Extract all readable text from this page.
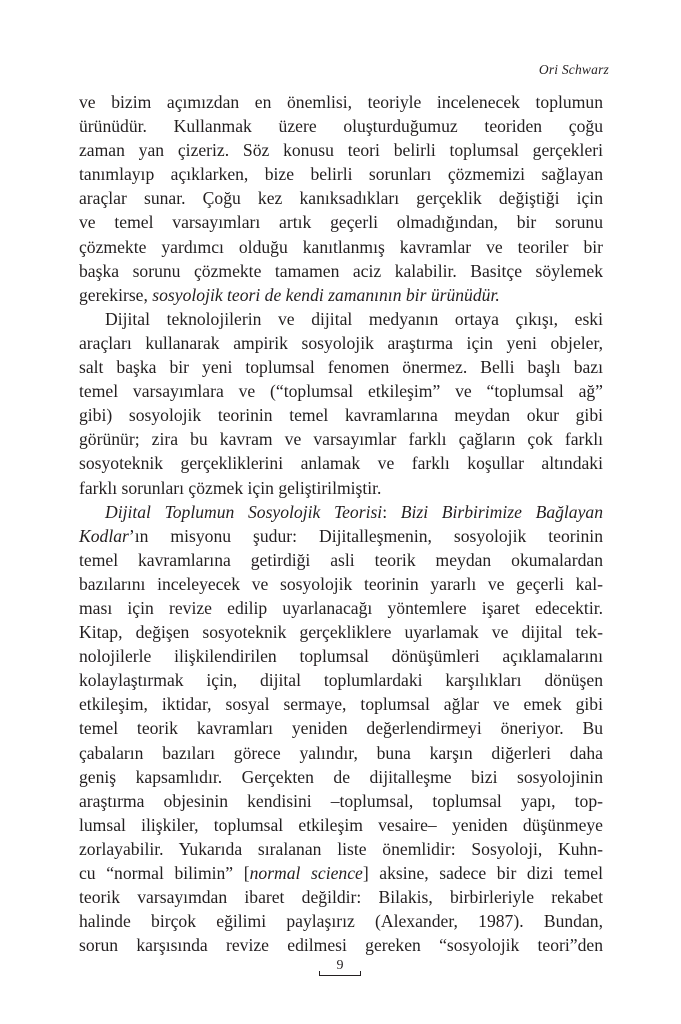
Ori Schwarz
ve bizim açımızdan en önemlisi, teoriyle incelenecek toplumun
ürünüdür. Kullanmak üzere oluşturduğumuz teoriden çoğu
zaman yan çizeriz. Söz konusu teori belirli toplumsal gerçekleri
tanımlayıp açıklarken, bize belirli sorunları çözmemizi sağlayan
araçlar sunar. Çoğu kez kanıksadıkları gerçeklik değiştiği için
ve temel varsayımları artık geçerli olmadığından, bir sorunu
çözmekte yardımcı olduğu kanıtlanmış kavramlar ve teoriler bir
başka sorunu çözmekte tamamen aciz kalabilir. Basitçe söylemek
gerekirse, sosyolojik teori de kendi zamanının bir ürünüdür.
Dijital teknolojilerin ve dijital medyanın ortaya çıkışı, eski
araçları kullanarak ampirik sosyolojik araştırma için yeni objeler,
salt başka bir yeni toplumsal fenomen önermez. Belli başlı bazı
temel varsayımlara ve (“toplumsal etkileşim” ve “toplumsal ağ”
gibi) sosyolojik teorinin temel kavramlarına meydan okur gibi
görünür; zira bu kavram ve varsayımlar farklı çağların çok farklı
sosyoteknik gerçekliklerini anlamak ve farklı koşullar altındaki
farklı sorunları çözmek için geliştirilmiştir.
Dijital Toplumun Sosyolojik Teorisi: Bizi Birbirimize Bağlayan
Kodlar’ın misyonu şudur: Dijitalleşmenin, sosyolojik teorinin
temel kavramlarına getirdiği asli teorik meydan okumalardan
bazılarını inceleyecek ve sosyolojik teorinin yararlı ve geçerli kal-
ması için revize edilip uyarlanacağı yöntemlere işaret edecektir.
Kitap, değişen sosyoteknik gerçekliklere uyarlamak ve dijital tek-
nolojilerle ilişkilendirilen toplumsal dönüşümleri açıklamalarını
kolaylaştırmak için, dijital toplumlardaki karşılıkları dönüşen
etkileşim, iktidar, sosyal sermaye, toplumsal ağlar ve emek gibi
temel teorik kavramları yeniden değerlendirmeyi öneriyor. Bu
çabaların bazıları görece yalındır, buna karşın diğerleri daha
geniş kapsamlıdır. Gerçekten de dijitalleşme bizi sosyolojinin
araştırma objesinin kendisini –toplumsal, toplumsal yapı, top-
lumsal ilişkiler, toplumsal etkileşim vesaire– yeniden düşünmeye
zorlayabilir. Yukarıda sıralanan liste önemlidir: Sosyoloji, Kuhn-
cu “normal bilimin” [normal science] aksine, sadece bir dizi temel
teorik varsayımdan ibaret değildir: Bilakis, birbirleriyle rekabet
halinde birçok eğilimi paylaşırız (Alexander, 1987). Bundan,
sorun karşısında revize edilmesi gereken “sosyolojik teori”den
9
